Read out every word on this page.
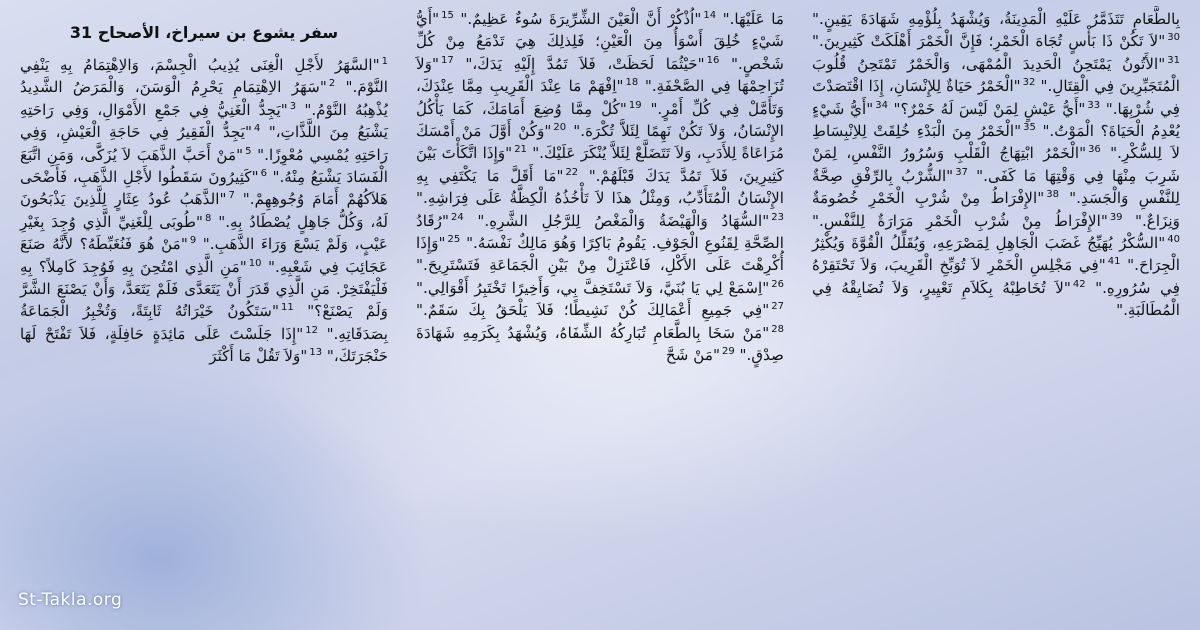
سفر يشوع بن سيراخ، الأصحاح 31
$^1$"السَّهَرُ لأَجْلِ الْغِنَى يُذِيبُ الْجِسْمَ، وَالاِهْتِمَامُ بِهِ يَنْفِي النَّوْمَ." $^2$"سَهَرُ الاِهْتِمَامِ يَحْرِمُ الْوَسَنَ، وَالْمَرَضُ الشَّدِيدُ يُذْهِبُهُ النَّوْمُ." $^3$"يَجِدُّ الْغَنِيُّ فِي جَمْعِ الأَمْوَالِ، وَفِي رَاحَتِهِ يَشْبَعُ مِنَ اللَّذَّاتِ،" $^4$"يَجِدُّ الْفَقِيرُ فِي حَاجَةِ الْعَيْشِ، وَفِي رَاحَتِهِ يُمْسِي مُعْوِزًا." $^5$"مَنْ أَحَبَّ الذَّهَبَ لاَ يُزَكَّى، وَمَنِ اتَّبَعَ الْفَسَادَ يَشْبَعُ مِنْهُ." $^6$"كَثِيرُونَ سَقَطُوا لأَجْلِ الذَّهَبِ، فَأَضْحَى هَلاَكُهُمْ أَمَامَ وُجُوهِهِمْ." $^7$"الذَّهَبُ عُودُ عِثَارٍ لِلَّذِينَ يَذْبَحُونَ لَهُ، وَكُلُّ جَاهِلٍ يُصْطَادُ بِهِ." $^8$"طُوبَى لِلْغَنِيِّ الَّذِي وُجِدَ بِغَيْرِ عَيْبٍ، وَلَمْ يَسْعَ وَرَاءَ الذَّهَبِ." $^9$"مَنْ هُوَ فَنُغَبِّطَهُ؟ لأَنَّهُ صَنَعَ عَجَائِبَ فِي شَعْبِهِ." $^{10}$"مَنِ الَّذِي امْتُحِنَ بِهِ فَوُجِدَ كَامِلاً؟ بِهِ فَلْيَفْتَخِرْ. مَنِ الَّذِي قَدَرَ أَنْ يَتَعَدَّى فَلَمْ يَتَعَدَّ، وَأَنْ يَصْنَعَ الشَّرَّ وَلَمْ يَصْنَعْ؟" $^{11}$"سَتَكُونُ خَيْرَاتُهُ ثَابِتَةً، وَتُخْبِرُ الْجَمَاعَةُ بِصَدَقَاتِهِ." $^{12}$"إِذَا جَلَسْتَ عَلَى مَائِدَةٍ حَافِلَةٍ، فَلاَ تَفْتَحْ لَهَا حَنْجَرَتَكَ،" $^{13}$"وَلاَ تَقُلْ مَا أَكْثَرَ
مَا عَلَيْهَا." $^{14}$"اُذْكُرْ أَنَّ الْعَيْنَ الشِّرِّيرَةَ سُوءٌ عَظِيمٌ." $^{15}$"أَيُّ شَيْءٍ خُلِقَ أَسْوَأُ مِنَ الْعَيْنِ؛ فَلِذلِكَ هِيَ تَدْمَعُ مِنْ كُلِّ شَخْصٍ." $^{16}$"حَيْثُمَا لَحَظَتْ، فَلاَ تَمُدَّ إِلَيْهِ يَدَكَ،" $^{17}$"وَلاَ تُزَاحِمْهَا فِي الصَّحْفَةِ." $^{18}$"اِفْهَمْ مَا عِنْدَ الْقَرِيبِ مِمَّا عِنْدَكَ، وَتَأَمَّلْ فِي كُلِّ أَمْرٍ." $^{19}$"كُلْ مِمَّا وُضِعَ أَمَامَكَ، كَمَا يَأْكُلُ الإِنْسَانُ، وَلاَ تَكُنْ نَهِمًا لِئَلاَّ تُكْرَهَ." $^{20}$"وَكُنْ أَوَّلَ مَنْ أَمْسَكَ مُرَاعَاةً لِلأَدَبِ، وَلاَ تَتَضَلَّعْ لِئَلاَّ يُنْكَرَ عَلَيْكَ." $^{21}$"وَإِذَا اتَّكَأْتَ بَيْنَ كَثِيرِينَ، فَلاَ تَمُدَّ يَدَكَ قَبْلَهُمْ." $^{22}$"مَا أَقَلَّ مَا يَكْتَفِي بِهِ الإِنْسَانُ الْمُتَأَدِّبُ، وَمِثْلُ هذَا لاَ تَأْخُذُهُ الْكِظَّةُ عَلَى فِرَاشِهِ." $^{23}$"السُّهَادُ وَالْهَيْضَةُ وَالْمَغْصُ لِلرَّجُلِ الشَّرِهِ." $^{24}$"رُقَادُ الصِّحَّةِ لِقَنُوعِ الْجَوْفِ. يَقُومُ بَاكِرًا وَهُوَ مَالِكٌ نَفْسَهُ." $^{25}$"وَإِذَا أُكْرِهْتَ عَلَى الأَكْلِ، فَاعْتَزِلْ مِنْ بَيْنِ الْجَمَاعَةِ فَتَسْتَرِيحَ." $^{26}$"اِسْمَعْ لِي يَا بُنَيَّ، وَلاَ تَسْتَخِفَّ بِي، وَأَخِيرًا تَخْتَبِرُ أَقْوَالِي." $^{27}$"فِي جَمِيعِ أَعْمَالِكَ كُنْ نَشِيطًا؛ فَلاَ يَلْحَقُ بِكَ سَقَمٌ." $^{28}$"مَنْ سَخَا بِالطَّعَامِ تُبَارِكُهُ الشِّفَاهُ، وَيُشْهَدُ بِكَرَمِهِ شَهَادَةَ صِدْقٍ." $^{29}$"مَنْ شَحَّ
بِالطَّعَامِ تَتَذَمَّرُ عَلَيْهِ الْمَدِينَةُ، وَيُشْهَدُ بِلُؤْمِهِ شَهَادَةَ يَقِينٍ." $^{30}$"لاَ تَكُنْ ذَا بَأْسٍ تُجَاهَ الْخَمْرِ؛ فَإِنَّ الْخَمْرَ أَهْلَكَتْ كَثِيرِينَ." $^{31}$"الأَتُونُ يَمْتَحِنُ الْحَدِيدَ الْمُمْهَى، وَالْخَمْرُ تَمْتَحِنُ قُلُوبَ الْمُتَجَبِّرِينَ فِي الْقِتَالِ." $^{32}$"الْخَمْرُ حَيَاةٌ لِلإِنْسَانِ، إِذَا اقْتَصَدْتَ فِي شُرْبِهَا." $^{33}$"أَيُّ عَيْشٍ لِمَنْ لَيْسَ لَهُ خَمْرٌ؟" $^{34}$"أَيُّ شَيْءٍ يُعْدِمُ الْحَيَاةَ؟ الْمَوْتُ." $^{35}$"الْخَمْرُ مِنَ الْبَدْءِ خُلِقَتْ لِلاِنْبِسَاطِ لاَ لِلسُّكْرِ." $^{36}$"الْخَمْرُ ابْتِهَاجُ الْقَلْبِ وَسُرُورُ النَّفْسِ، لِمَنْ شَرِبَ مِنْهَا فِي وَقْتِهَا مَا كَفَى." $^{37}$"الشُّرْبُ بِالرِّفْقِ صِحَّةٌ لِلنَّفْسِ وَالْجَسَدِ." $^{38}$"الإِفْرَاطُ مِنْ شُرْبِ الْخَمْرِ خُصُومَةٌ وَنِزَاعٌ." $^{39}$"الإِفْرَاطُ مِنْ شُرْبِ الْخَمْرِ مَرَارَةٌ لِلنَّفْسِ." $^{40}$"السُّكْرُ يُهَيِّجُ غَضَبَ الْجَاهِلِ لِمَصْرَعِهِ، وَيُقَلِّلُ الْقُوَّةَ وَيُكْثِرُ الْجِرَاحَ." $^{41}$"فِي مَجْلِسِ الْخَمْرِ لاَ تُوَبِّخِ الْقَرِيبَ، وَلاَ تَحْتَقِرْهُ فِي سُرُورِهِ." $^{42}$"لاَ تُخَاطِبْهُ بِكَلاَمِ تَعْيِيرٍ، وَلاَ تُضَايِقْهُ فِي الْمُطَالَبَةِ."
St-Takla.org
